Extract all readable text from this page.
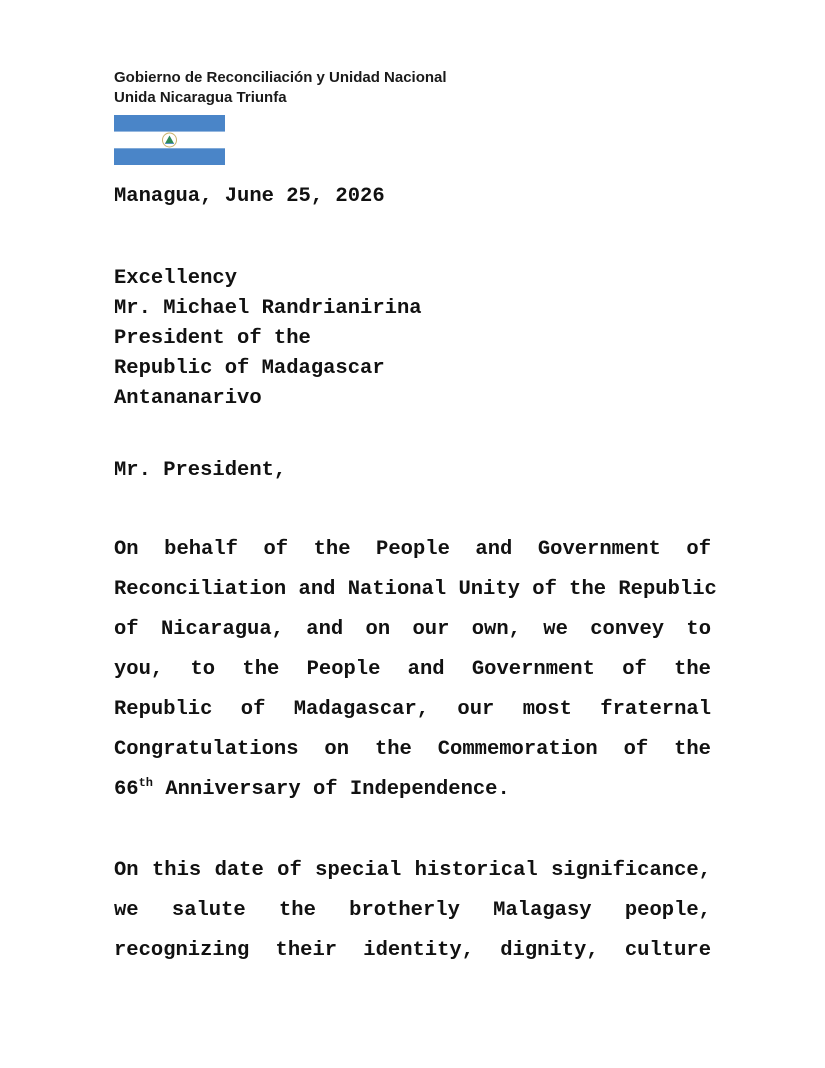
Gobierno de Reconciliación y Unidad Nacional
Unida Nicaragua Triunfa
Managua, June 25, 2026
Excellency
Mr. Michael Randrianirina
President of the
Republic of Madagascar
Antananarivo
Mr. President,
On behalf of the People and Government of
Reconciliation and National Unity of the Republic
of Nicaragua, and on our own, we convey to
you, to the People and Government of the
Republic of Madagascar, our most fraternal
Congratulations on the Commemoration of the
66th Anniversary of Independence.
On this date of special historical significance,
we salute the brotherly Malagasy people,
recognizing their identity, dignity, culture
